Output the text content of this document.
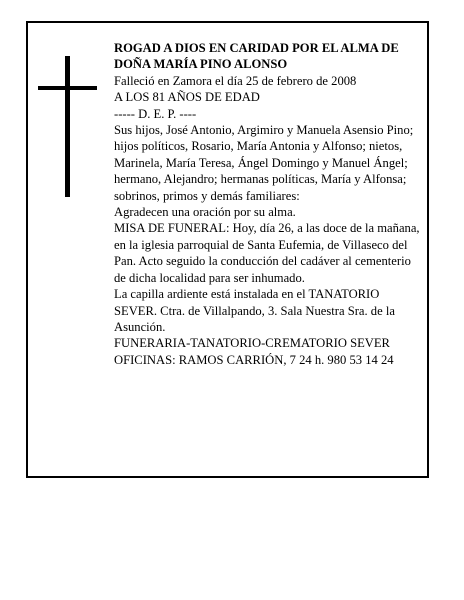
ROGAD A DIOS EN CARIDAD POR EL ALMA DE

DOÑA MARÍA PINO ALONSO

Falleció en Zamora el día 25 de febrero de 2008

A LOS 81 AÑOS DE EDAD

----- D. E. P. ----

Sus hijos, José Antonio, Argimiro y Manuela Asensio Pino; hijos políticos, Rosario, María Antonia y Alfonso; nietos, Marinela, María Teresa, Ángel Domingo y Manuel Ángel; hermano, Alejandro; hermanas políticas, María y Alfonsa; sobrinos, primos y demás familiares:

Agradecen una oración por su alma.

MISA DE FUNERAL: Hoy, día 26, a las doce de la mañana, en la iglesia parroquial de Santa Eufemia, de Villaseco del Pan. Acto seguido la conducción del cadáver al cementerio de dicha localidad para ser inhumado.

La capilla ardiente está instalada en el TANATORIO SEVER. Ctra. de Villalpando, 3. Sala Nuestra Sra. de la Asunción.

FUNERARIA-TANATORIO-CREMATORIO SEVER

OFICINAS: RAMOS CARRIÓN, 7 24 h. 980 53 14 24
